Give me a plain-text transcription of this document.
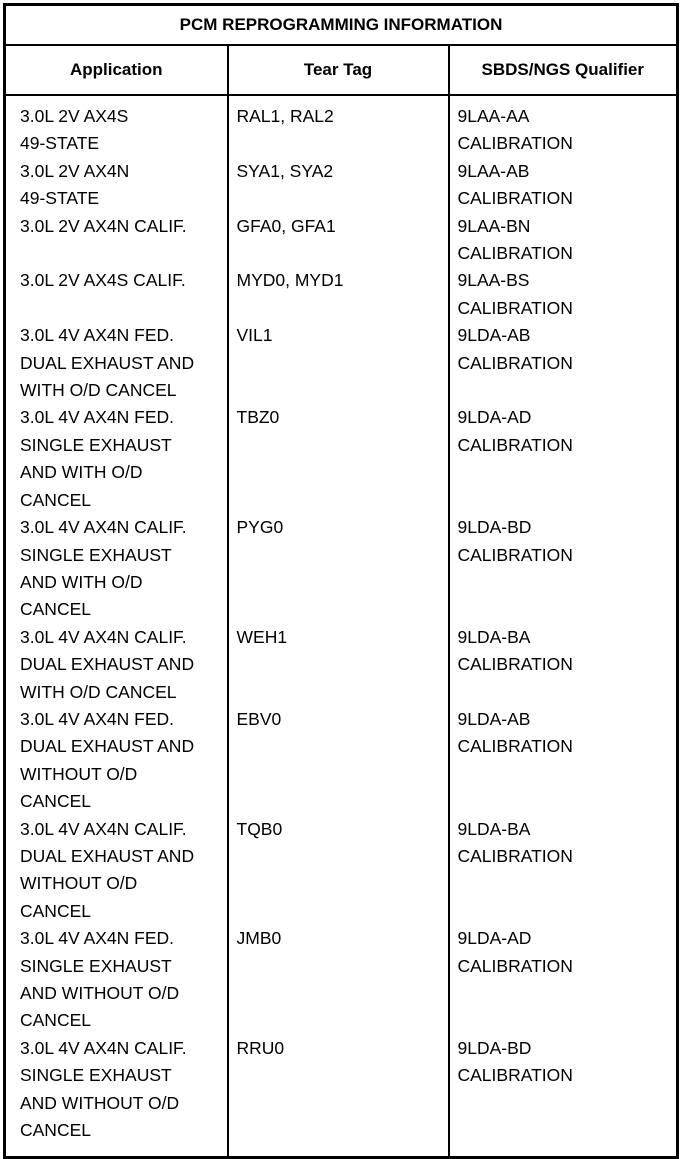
PCM REPROGRAMMING INFORMATION		
Application	Tear Tag	SBDS/NGS Qualifier
3.0L 2V AX4S
49-STATE	RAL1, RAL2	9LAA-AA
CALIBRATION
3.0L 2V AX4N
49-STATE	SYA1, SYA2	9LAA-AB
CALIBRATION
3.0L 2V AX4N CALIF.	GFA0, GFA1	9LAA-BN
CALIBRATION
3.0L 2V AX4S CALIF.	MYD0, MYD1	9LAA-BS
CALIBRATION
3.0L 4V AX4N FED.
DUAL EXHAUST AND
WITH O/D CANCEL	VIL1	9LDA-AB
CALIBRATION
3.0L 4V AX4N FED.
SINGLE EXHAUST
AND WITH O/D
CANCEL	TBZ0	9LDA-AD
CALIBRATION
3.0L 4V AX4N CALIF.
SINGLE EXHAUST
AND WITH O/D
CANCEL	PYG0	9LDA-BD
CALIBRATION
3.0L 4V AX4N CALIF.
DUAL EXHAUST AND
WITH O/D CANCEL	WEH1	9LDA-BA
CALIBRATION
3.0L 4V AX4N FED.
DUAL EXHAUST AND
WITHOUT O/D
CANCEL	EBV0	9LDA-AB
CALIBRATION
3.0L 4V AX4N CALIF.
DUAL EXHAUST AND
WITHOUT O/D
CANCEL	TQB0	9LDA-BA
CALIBRATION
3.0L 4V AX4N FED.
SINGLE EXHAUST
AND WITHOUT O/D
CANCEL	JMB0	9LDA-AD
CALIBRATION
3.0L 4V AX4N CALIF.
SINGLE EXHAUST
AND WITHOUT O/D
CANCEL	RRU0	9LDA-BD
CALIBRATION
